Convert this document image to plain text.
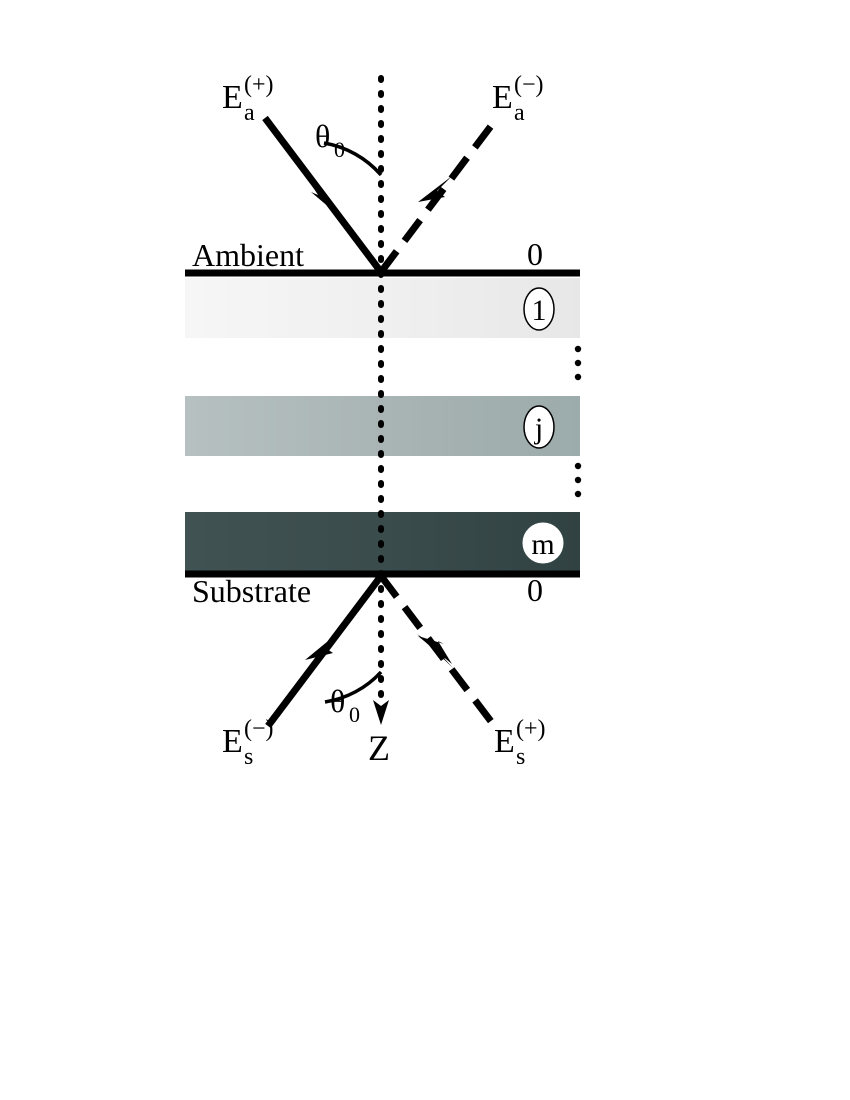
1
j
m
E a
(+)	E a
(−)
θ 0
Ambient	0
Substrate	0
θ 0
Z
E s
(−)	E s
(+)
